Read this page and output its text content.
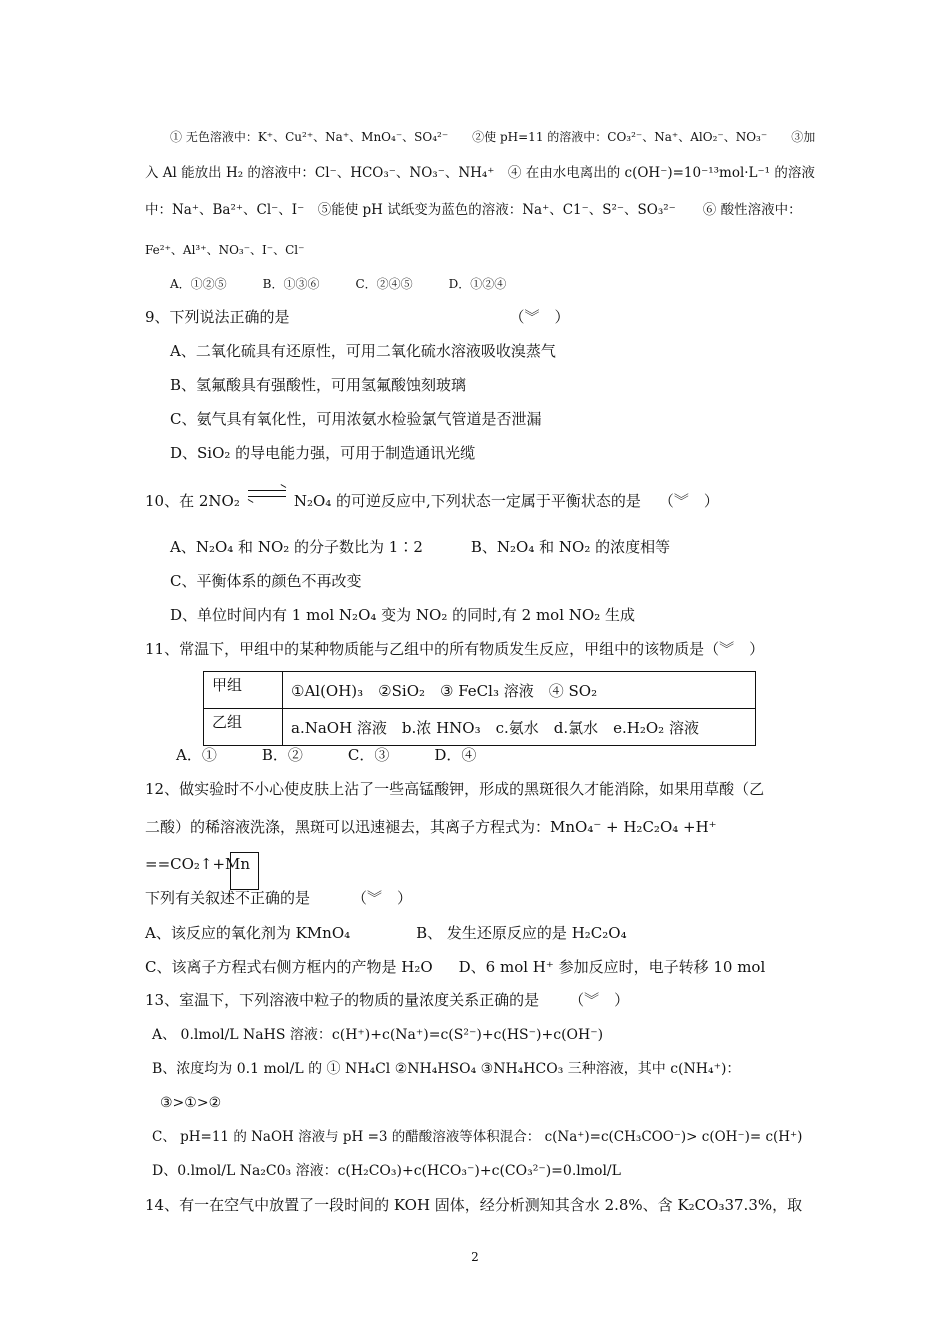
① 无色溶液中：K⁺、Cu²⁺、Na⁺、MnO₄⁻、SO₄²⁻　　②使 pH=11 的溶液中：CO₃²⁻、Na⁺、AlO₂⁻、NO₃⁻　　③加
入 Al 能放出 H₂ 的溶液中：Cl⁻、HCO₃⁻、NO₃⁻、NH₄⁺　④ 在由水电离出的 c(OH⁻)=10⁻¹³mol·L⁻¹ 的溶液
中：Na⁺、Ba²⁺、Cl⁻、I⁻　⑤能使 pH 试纸变为蓝色的溶液：Na⁺、C1⁻、S²⁻、SO₃²⁻　　⑥ 酸性溶液中：
Fe²⁺、Al³⁺、NO₃⁻、I⁻、Cl⁻
A．①②⑤　　　B．①③⑥　　　C．②④⑤　　　D．①②④
9、下列说法正确的是	（︾　）
A、二氧化硫具有还原性，可用二氧化硫水溶液吸收溴蒸气
B、氢氟酸具有强酸性，可用氢氟酸蚀刻玻璃
C、氨气具有氧化性，可用浓氨水检验氯气管道是否泄漏
D、SiO₂ 的导电能力强，可用于制造通讯光缆
10、在 2NO₂	N₂O₄ 的可逆反应中,下列状态一定属于平衡状态的是 （︾　）
A、N₂O₄ 和 NO₂ 的分子数比为 1∶2	B、N₂O₄ 和 NO₂ 的浓度相等
C、平衡体系的颜色不再改变
D、单位时间内有 1 mol N₂O₄ 变为 NO₂ 的同时,有 2 mol NO₂ 生成
11、常温下，甲组中的某种物质能与乙组中的所有物质发生反应，甲组中的该物质是（︾　）
甲组	①Al(OH)₃　②SiO₂　③ FeCl₃ 溶液　④ SO₂
乙组	a.NaOH 溶液　b.浓 HNO₃　c.氨水　d.氯水　e.H₂O₂ 溶液
A．①　　　B．②　　　C．③　　　D．④
12、做实验时不小心使皮肤上沾了一些高锰酸钾，形成的黑斑很久才能消除，如果用草酸（乙
二酸）的稀溶液洗涤，黑斑可以迅速褪去，其离子方程式为：MnO₄⁻ + H₂C₂O₄ +H⁺
==CO₂↑+Mn
下列有关叙述不正确的是	（︾　）
A、该反应的氧化剂为 KMnO₄	B、 发生还原反应的是 H₂C₂O₄
C、该离子方程式右侧方框内的产物是 H₂O D、6 mol H⁺ 参加反应时，电子转移 10 mol
13、室温下，下列溶液中粒子的物质的量浓度关系正确的是 （︾　）
A、 0.lmol/L NaHS 溶液：c(H⁺)+c(Na⁺)=c(S²⁻)+c(HS⁻)+c(OH⁻)
B、浓度均为 0.1 mol/L 的 ① NH₄Cl ②NH₄HSO₄ ③NH₄HCO₃ 三种溶液，其中 c(NH₄⁺)：
③>①>②
C、 pH=11 的 NaOH 溶液与 pH =3 的醋酸溶液等体积混合： c(Na⁺)=c(CH₃COO⁻)> c(OH⁻)= c(H⁺)
D、0.lmol/L Na₂C0₃ 溶液：c(H₂CO₃)+c(HCO₃⁻)+c(CO₃²⁻)=0.lmol/L
14、有一在空气中放置了一段时间的 KOH 固体，经分析测知其含水 2.8%、含 K₂CO₃37.3%，取
2
